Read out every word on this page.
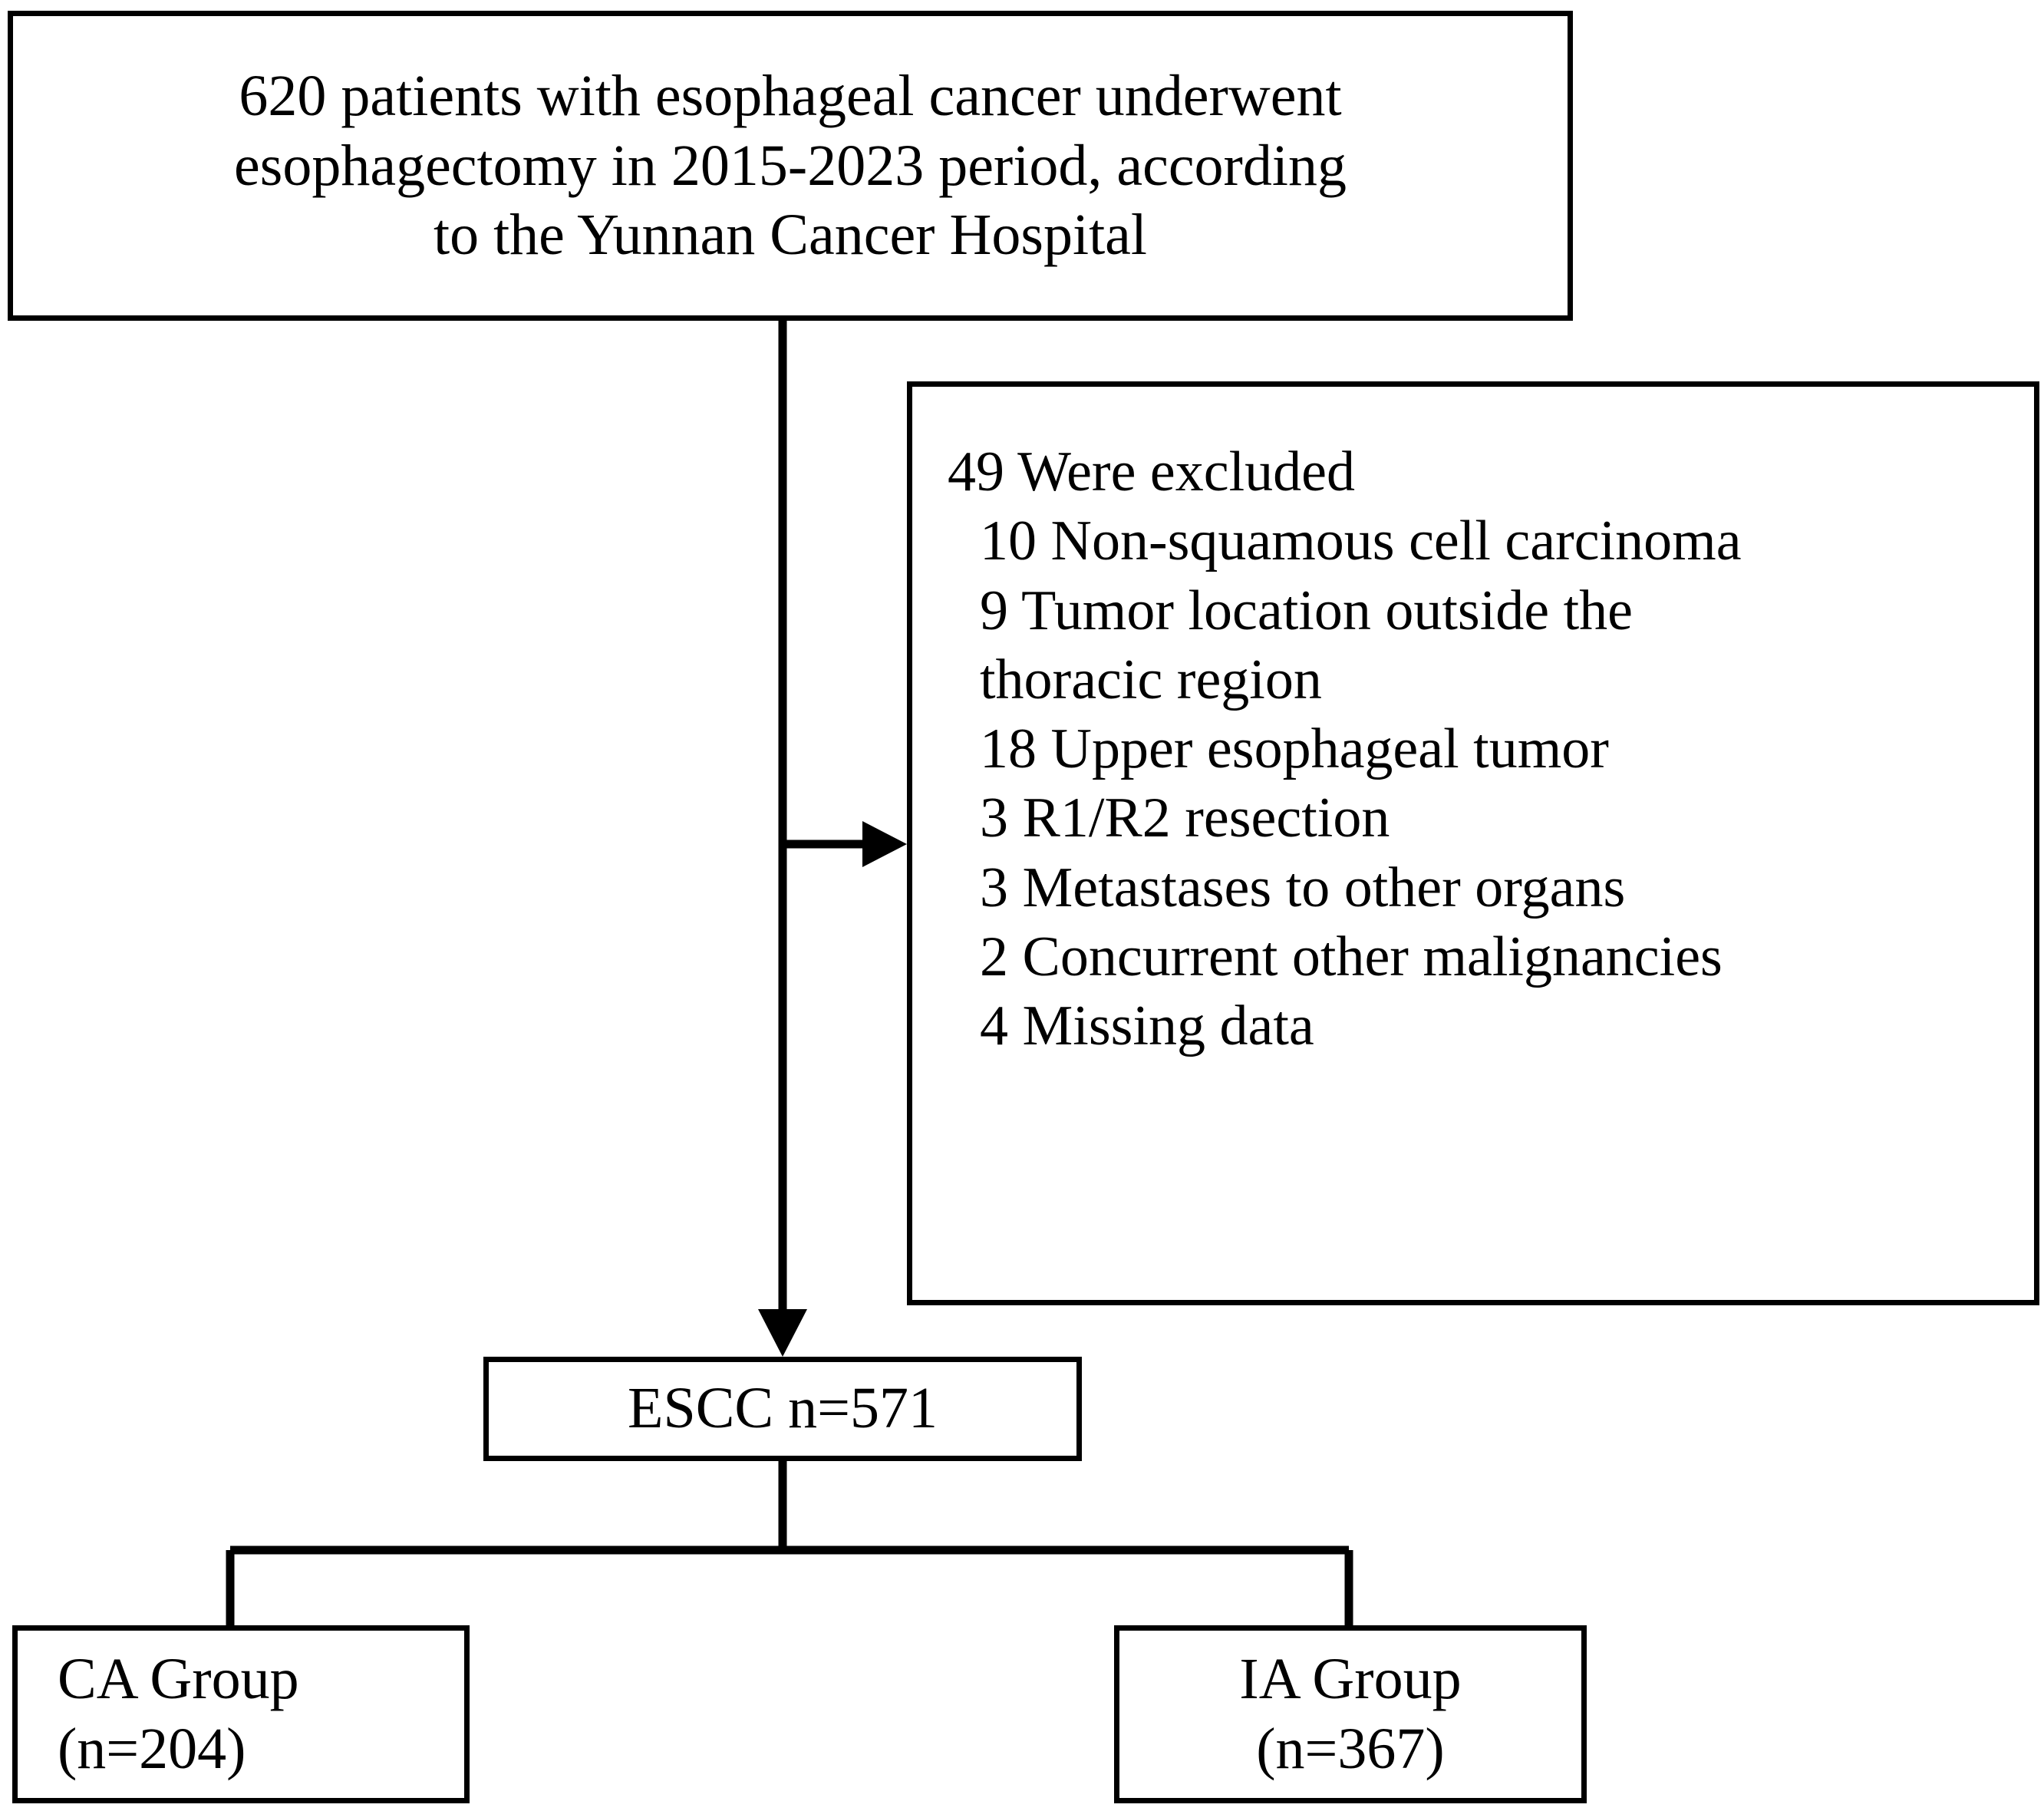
620 patients with esophageal cancer underwent
esophagectomy in 2015-2023 period, according
to the Yunnan Cancer Hospital
49 Were excluded
10 Non-squamous cell carcinoma
9 Tumor location outside the
thoracic region
18 Upper esophageal tumor
3 R1/R2 resection
3 Metastases to other organs
2 Concurrent other malignancies
4 Missing data
ESCC n=571
CA Group
(n=204)
IA Group
(n=367)
